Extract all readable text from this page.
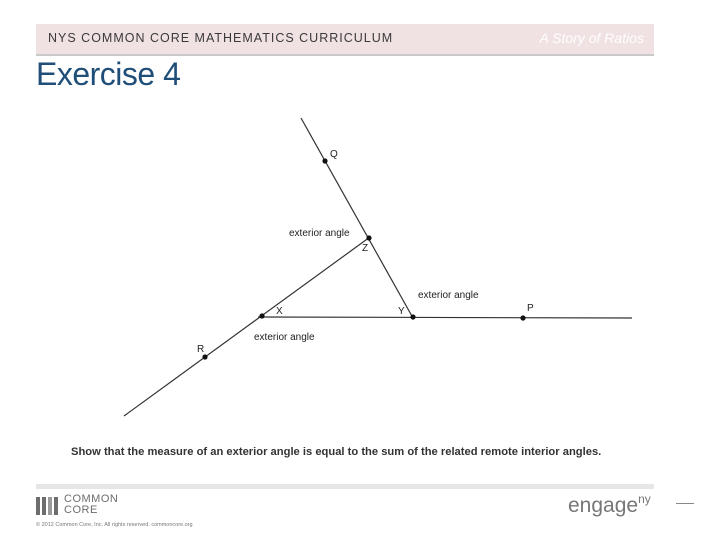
NYS COMMON CORE MATHEMATICS CURRICULUM	A Story of Ratios
Exercise 4
Q
Z
X	Y	P
R
exterior angle
exterior angle
exterior angle
Show that the measure of an exterior angle is equal to the sum of the related remote interior angles.
COMMON
CORE
© 2012 Common Core, Inc. All rights reserved. commoncore.org
engage$^{ny}$
